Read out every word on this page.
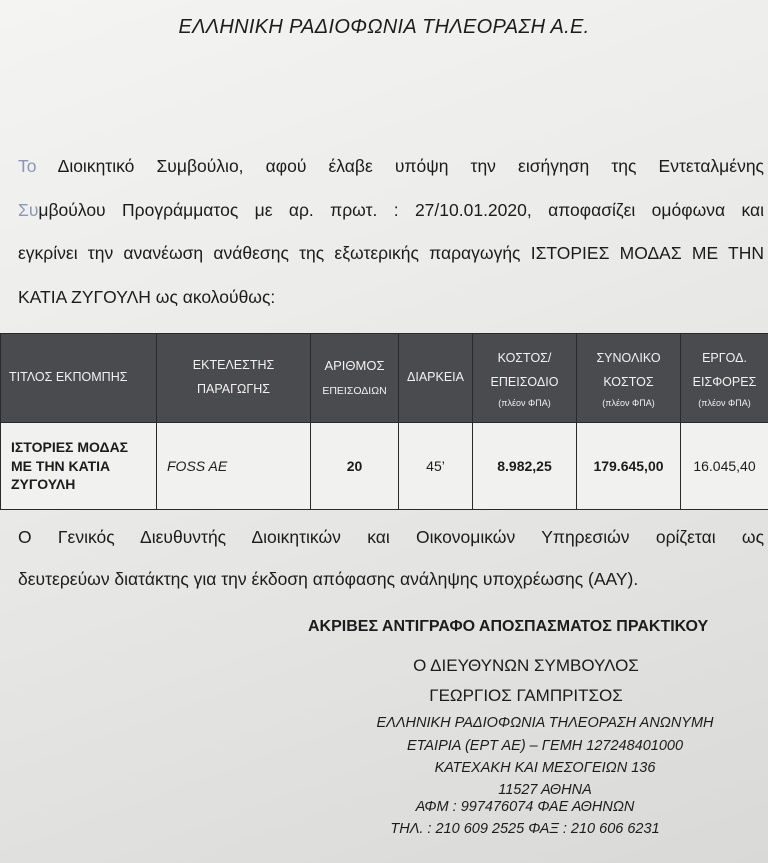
ΕΛΛΗΝΙΚΗ ΡΑΔΙΟΦΩΝΙΑ ΤΗΛΕΟΡΑΣΗ Α.Ε.
Το Διοικητικό Συμβούλιο, αφού έλαβε υπόψη την εισήγηση της Εντεταλμένης
Συμβούλου Προγράμματος με αρ. πρωτ. : 27/10.01.2020, αποφασίζει ομόφωνα και
εγκρίνει την ανανέωση ανάθεσης της εξωτερικής παραγωγής ΙΣΤΟΡΙΕΣ ΜΟΔΑΣ ΜΕ ΤΗΝ
ΚΑΤΙΑ ΖΥΓΟΥΛΗ ως ακολούθως:
ΤΙΤΛΟΣ ΕΚΠΟΜΠΗΣ	ΕΚΤΕΛΕΣΤΗΣ
ΠΑΡΑΓΩΓΗΣ	ΑΡΙΘΜΟΣ
ΕΠΕΙΣΟΔΙΩΝ	ΔΙΑΡΚΕΙΑ	ΚΟΣΤΟΣ/
ΕΠΕΙΣΟΔΙΟ
(πλέον ΦΠΑ)	ΣΥΝΟΛΙΚΟ
ΚΟΣΤΟΣ
(πλέον ΦΠΑ)	ΕΡΓΟΔ.
ΕΙΣΦΟΡΕΣ
(πλέον ΦΠΑ)

ΙΣΤΟΡΙΕΣ ΜΟΔΑΣ
ΜΕ ΤΗΝ ΚΑΤΙΑ
ΖΥΓΟΥΛΗ	FOSS AE	20	45’	8.982,25	179.645,00	16.045,40
Ο Γενικός Διευθυντής Διοικητικών και Οικονομικών Υπηρεσιών ορίζεται ως
δευτερεύων διατάκτης για την έκδοση απόφασης ανάληψης υποχρέωσης (ΑΑΥ).
ΑΚΡΙΒΕΣ ΑΝΤΙΓΡΑΦΟ ΑΠΟΣΠΑΣΜΑΤΟΣ ΠΡΑΚΤΙΚΟΥ
Ο ΔΙΕΥΘΥΝΩΝ ΣΥΜΒΟΥΛΟΣ
ΓΕΩΡΓΙΟΣ ΓΑΜΠΡΙΤΣΟΣ
ΕΛΛΗΝΙΚΗ ΡΑΔΙΟΦΩΝΙΑ ΤΗΛΕΟΡΑΣΗ ΑΝΩΝΥΜΗ
ΕΤΑΙΡΙΑ (ΕΡΤ ΑΕ) – ΓΕΜΗ 127248401000
ΚΑΤΕΧΑΚΗ ΚΑΙ ΜΕΣΟΓΕΙΩΝ 136
11527 ΑΘΗΝΑ
ΑΦΜ : 997476074 ΦΑΕ ΑΘΗΝΩΝ
ΤΗΛ. : 210 609 2525 ΦΑΞ : 210 606 6231
